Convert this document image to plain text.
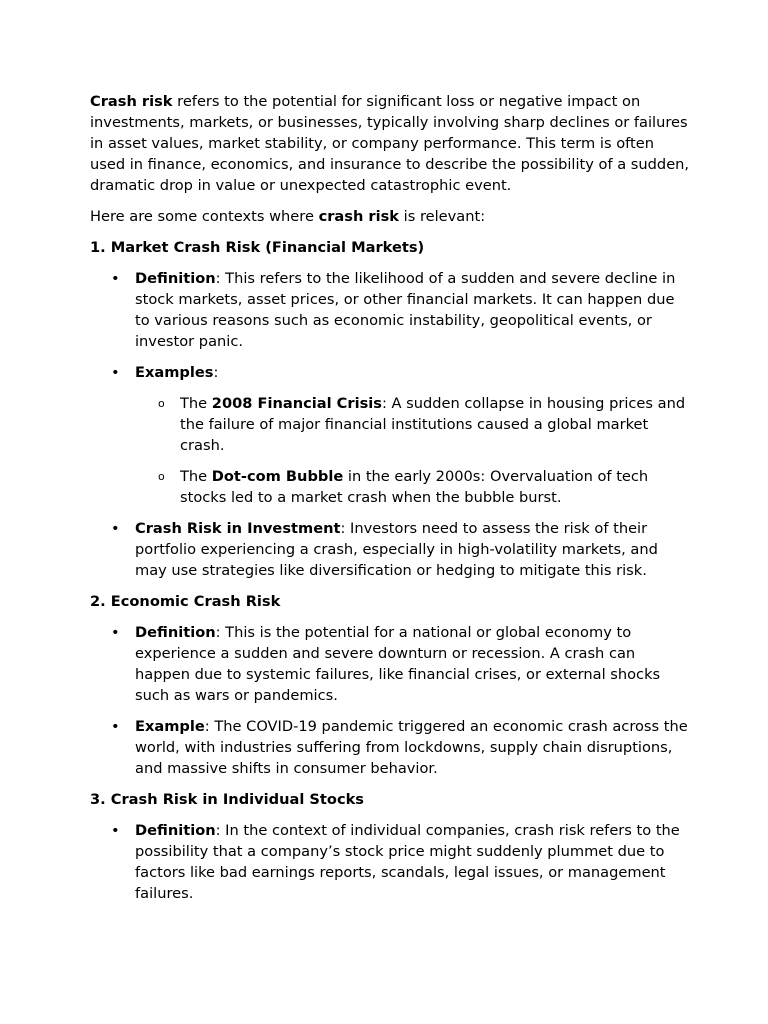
Crash risk refers to the potential for significant loss or negative impact on investments, markets, or businesses, typically involving sharp declines or failures in asset values, market stability, or company performance. This term is often used in finance, economics, and insurance to describe the possibility of a sudden, dramatic drop in value or unexpected catastrophic event.

Here are some contexts where crash risk is relevant:

1. Market Crash Risk (Financial Markets)
• Definition: This refers to the likelihood of a sudden and severe decline in stock markets, asset prices, or other financial markets. It can happen due to various reasons such as economic instability, geopolitical events, or investor panic.
• Examples:
o The 2008 Financial Crisis: A sudden collapse in housing prices and the failure of major financial institutions caused a global market crash.
o The Dot-com Bubble in the early 2000s: Overvaluation of tech stocks led to a market crash when the bubble burst.
• Crash Risk in Investment: Investors need to assess the risk of their portfolio experiencing a crash, especially in high-volatility markets, and may use strategies like diversification or hedging to mitigate this risk.
2. Economic Crash Risk
• Definition: This is the potential for a national or global economy to experience a sudden and severe downturn or recession. A crash can happen due to systemic failures, like financial crises, or external shocks such as wars or pandemics.
• Example: The COVID-19 pandemic triggered an economic crash across the world, with industries suffering from lockdowns, supply chain disruptions, and massive shifts in consumer behavior.
3. Crash Risk in Individual Stocks
• Definition: In the context of individual companies, crash risk refers to the possibility that a company’s stock price might suddenly plummet due to factors like bad earnings reports, scandals, legal issues, or management failures.
